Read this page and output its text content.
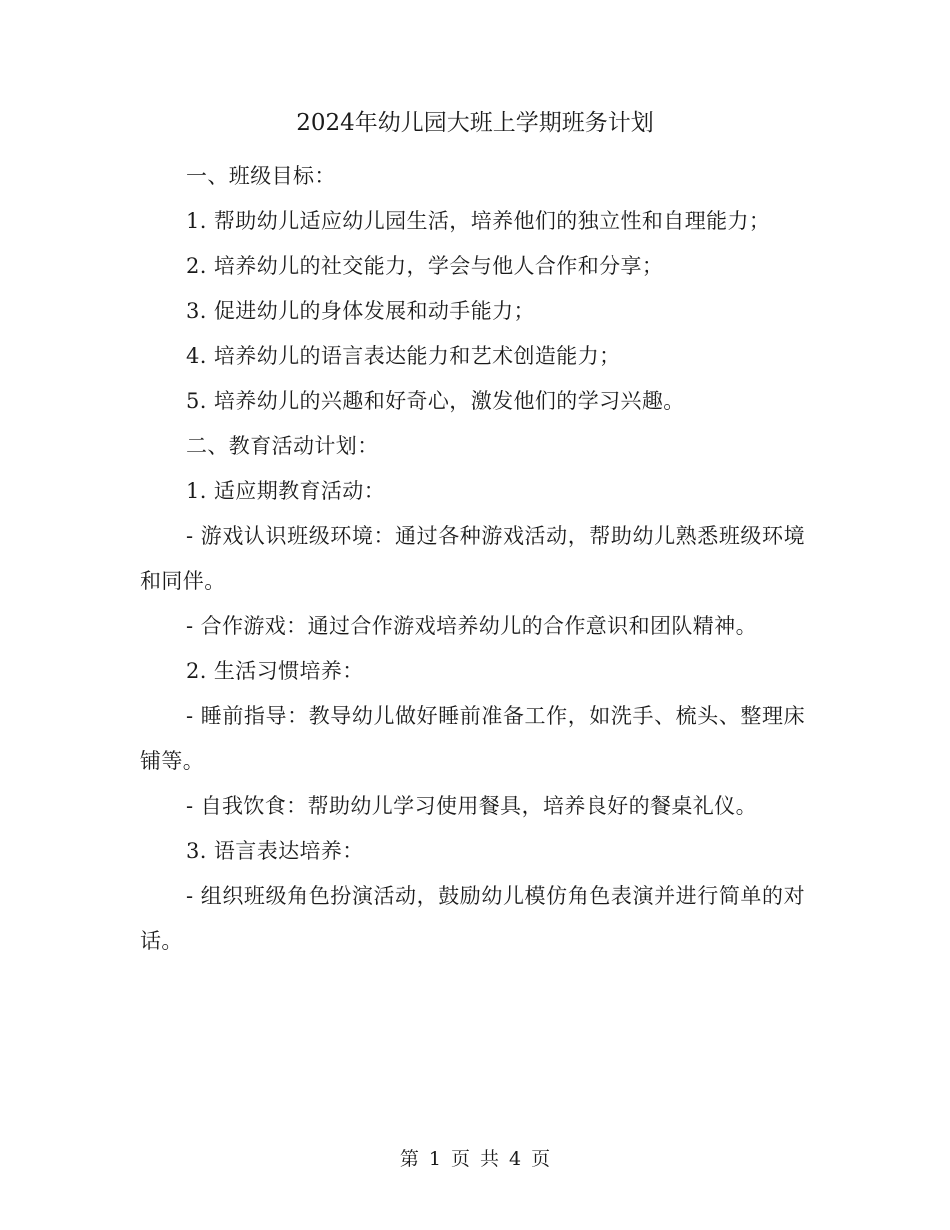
2024年幼儿园大班上学期班务计划

一、班级目标：

1. 帮助幼儿适应幼儿园生活，培养他们的独立性和自理能力；

2. 培养幼儿的社交能力，学会与他人合作和分享；

3. 促进幼儿的身体发展和动手能力；

4. 培养幼儿的语言表达能力和艺术创造能力；

5. 培养幼儿的兴趣和好奇心，激发他们的学习兴趣。

二、教育活动计划：

1. 适应期教育活动：

- 游戏认识班级环境：通过各种游戏活动，帮助幼儿熟悉班级环境和同伴。

- 合作游戏：通过合作游戏培养幼儿的合作意识和团队精神。

2. 生活习惯培养：

- 睡前指导：教导幼儿做好睡前准备工作，如洗手、梳头、整理床铺等。

- 自我饮食：帮助幼儿学习使用餐具，培养良好的餐桌礼仪。

3. 语言表达培养：

- 组织班级角色扮演活动，鼓励幼儿模仿角色表演并进行简单的对话。

第 1 页 共 4 页
